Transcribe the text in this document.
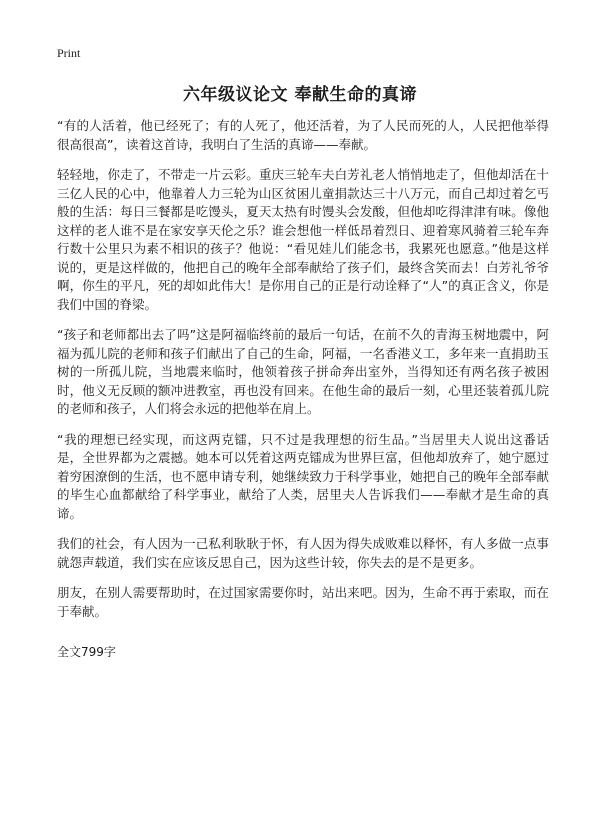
Print
六年级议论文 奉献生命的真谛

“有的人活着，他已经死了；有的人死了，他还活着，为了人民而死的人，人民把他举得很高很高”，读着这首诗，我明白了生活的真谛——奉献。

轻轻地，你走了，不带走一片云彩。重庆三轮车夫白芳礼老人悄悄地走了，但他却活在十三亿人民的心中，他靠着人力三轮为山区贫困儿童捐款达三十八万元，而自己却过着乞丐般的生活：每日三餐都是吃馒头，夏天太热有时馒头会发酸，但他却吃得津津有味。像他这样的老人谁不是在家安享天伦之乐？谁会想他一样低昂着烈日、迎着寒风骑着三轮车奔行数十公里只为素不相识的孩子？他说：“看见娃儿们能念书，我累死也愿意。”他是这样说的，更是这样做的，他把自己的晚年全部奉献给了孩子们，最终含笑而去！白芳礼爷爷啊，你生的平凡，死的却如此伟大！是你用自己的正是行动诠释了“人”的真正含义，你是我们中国的脊梁。

“孩子和老师都出去了吗”这是阿福临终前的最后一句话，在前不久的青海玉树地震中，阿福为孤儿院的老师和孩子们献出了自己的生命，阿福，一名香港义工，多年来一直捐助玉树的一所孤儿院，当地震来临时，他领着孩子拼命奔出室外，当得知还有两名孩子被困时，他义无反顾的额冲进教室，再也没有回来。在他生命的最后一刻，心里还装着孤儿院的老师和孩子，人们将会永远的把他举在肩上。

“我的理想已经实现，而这两克镭，只不过是我理想的衍生品。”当居里夫人说出这番话是，全世界都为之震撼。她本可以凭着这两克镭成为世界巨富，但他却放弃了，她宁愿过着穷困潦倒的生活，也不愿申请专利，她继续致力于科学事业，她把自己的晚年全部奉献的毕生心血都献给了科学事业，献给了人类，居里夫人告诉我们——奉献才是生命的真谛。

我们的社会，有人因为一己私利耿耿于怀，有人因为得失成败难以释怀，有人多做一点事就怨声载道，我们实在应该反思自己，因为这些计较，你失去的是不是更多。

朋友，在别人需要帮助时，在过国家需要你时，站出来吧。因为，生命不再于索取，而在于奉献。

全文799字
